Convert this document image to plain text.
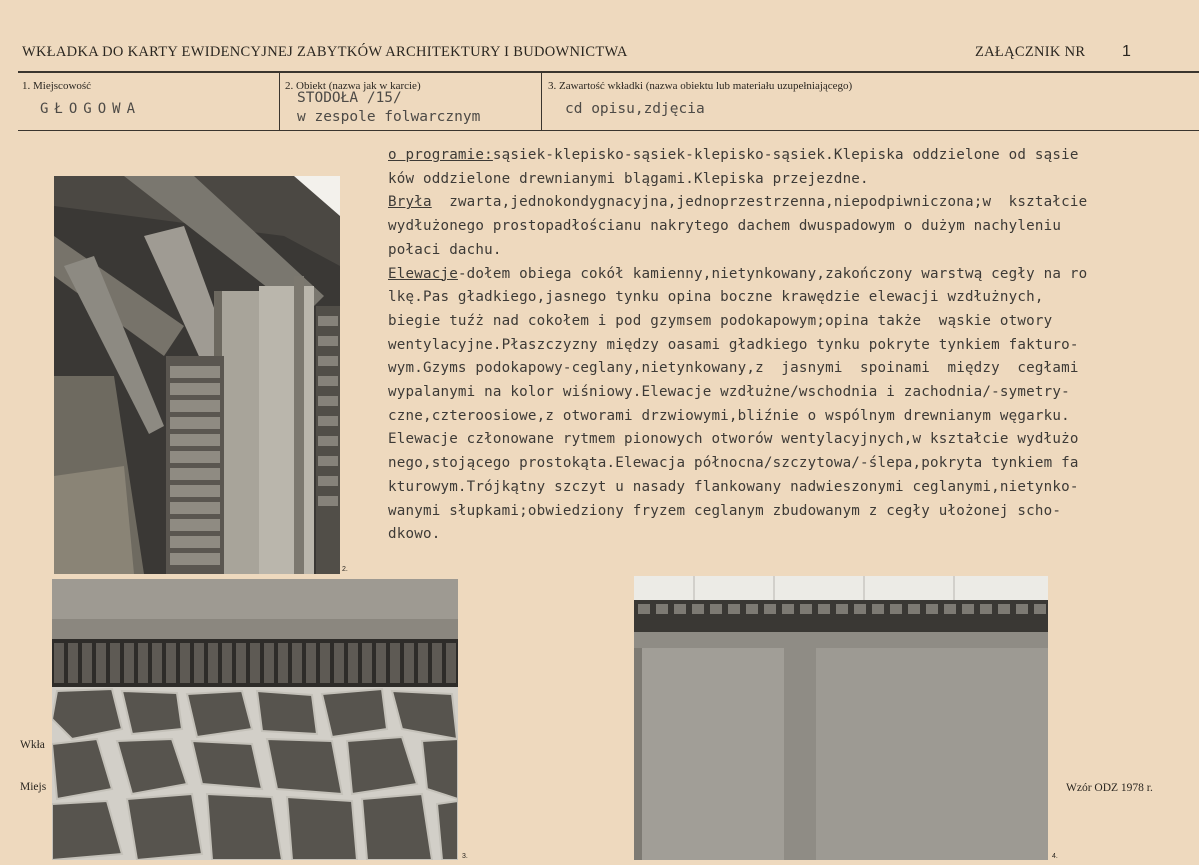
WKŁADKA DO KARTY EWIDENCYJNEJ ZABYTKÓW ARCHITEKTURY I BUDOWNICTWA	ZAŁĄCZNIK NR 1
1. Miejscowość
GŁOGOWA
2. Obiekt (nazwa jak w karcie)
STODOŁA /15/
w zespole folwarcznym
3. Zawartość wkładki (nazwa obiektu lub materiału uzupełniającego)
cd opisu,zdjęcia
o programie:sąsiek-klepisko-sąsiek-klepisko-sąsiek.Klepiska oddzielone od sąsie
ków oddzielone drewnianymi blągami.Klepiska przejezdne.
Bryła  zwarta,jednokondygnacyjna,jednoprzestrzenna,niepodpiwniczona;w  kształcie
wydłużonego prostopadłościanu nakrytego dachem dwuspadowym o dużym nachyleniu
połaci dachu.
Elewacje-dołem obiega cokół kamienny,nietynkowany,zakończony warstwą cegły na ro
lkę.Pas gładkiego,jasnego tynku opina boczne krawędzie elewacji wzdłużnych,
biegie tuźż nad cokołem i pod gzymsem podokapowym;opina także  wąskie otwory
wentylacyjne.Płaszczyzny między oasami gładkiego tynku pokryte tynkiem fakturo-
wym.Gzyms podokapowy-ceglany,nietynkowany,z  jasnymi  spoinami  między  cegłami
wypalanymi na kolor wiśniowy.Elewacje wzdłużne/wschodnia i zachodnia/-symetry-
czne,czteroosiowe,z otworami drzwiowymi,bliźnie o wspólnym drewnianym węgarku.
Elewacje członowane rytmem pionowych otworów wentylacyjnych,w kształcie wydłużo
nego,stojącego prostokąta.Elewacja północna/szczytowa/-ślepa,pokryta tynkiem fa
kturowym.Trójkątny szczyt u nasady flankowany nadwieszonymi ceglanymi,nietynko-
wanymi słupkami;obwiedziony fryzem ceglanym zbudowanym z cegły ułożonej scho-
dkowo.
2.
3.	4.
Wkła
Miejs	Wzór ODZ 1978 r.
